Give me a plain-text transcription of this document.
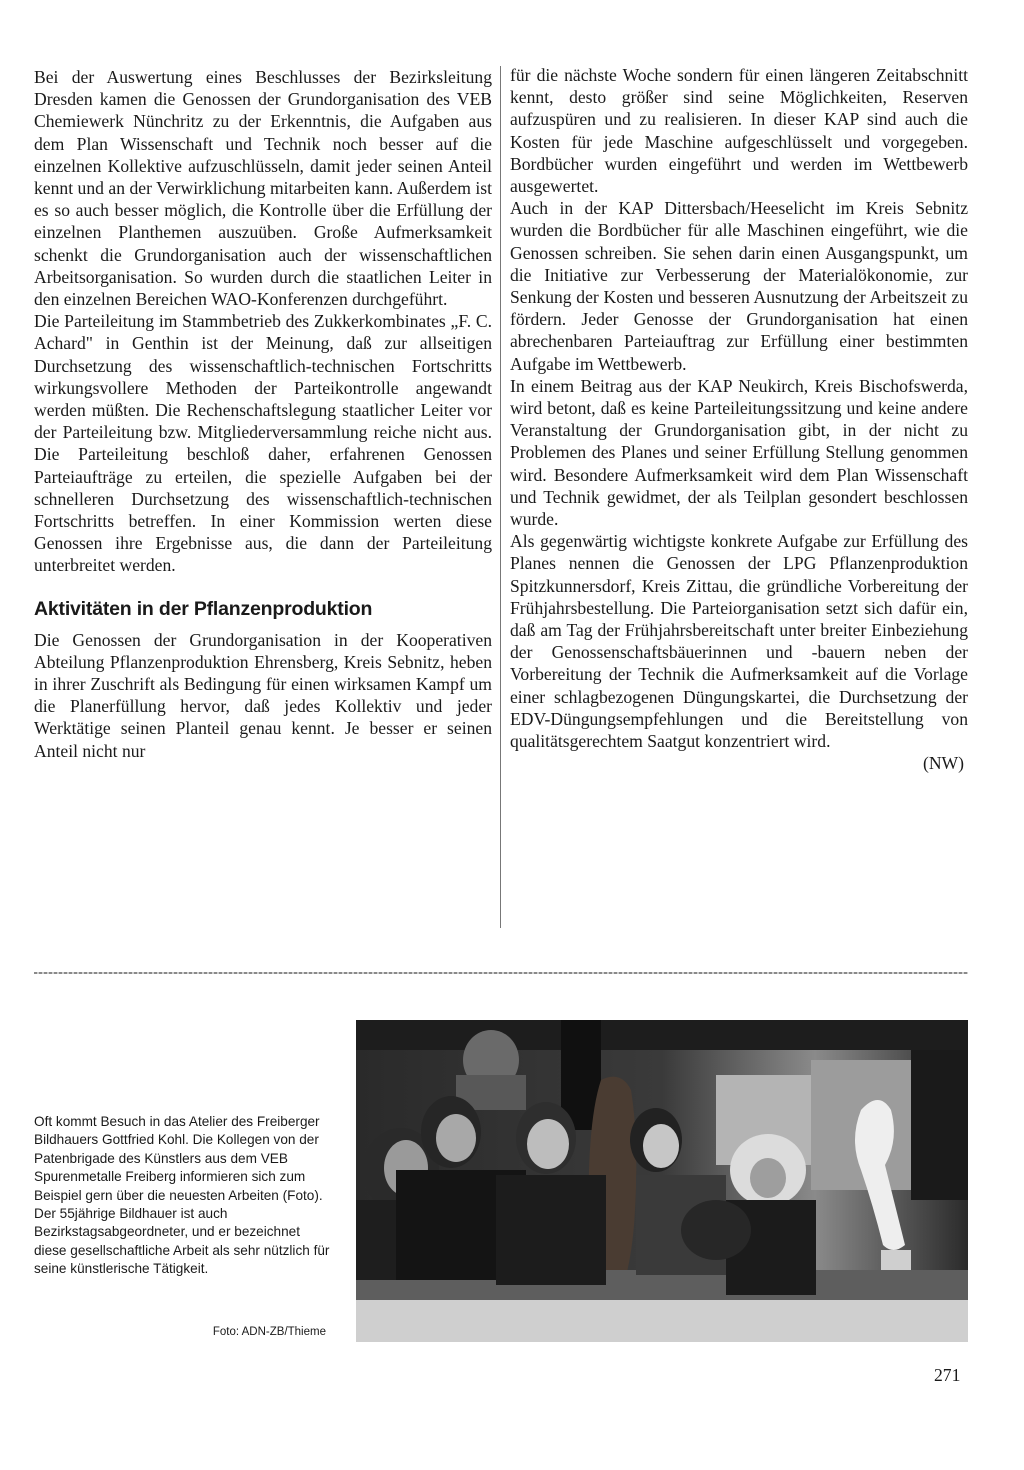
Bei der Auswertung eines Beschlusses der Bezirksleitung Dresden kamen die Genossen der Grundorganisation des VEB Chemiewerk Nünchritz zu der Erkenntnis, die Aufgaben aus dem Plan Wissenschaft und Technik noch besser auf die einzelnen Kollektive aufzuschlüsseln, damit jeder seinen Anteil kennt und an der Verwirklichung mitarbeiten kann. Außerdem ist es so auch besser möglich, die Kontrolle über die Erfüllung der einzelnen Planthemen auszuüben. Große Aufmerksamkeit schenkt die Grundorganisation auch der wissenschaftlichen Arbeitsorganisation. So wurden durch die staatlichen Leiter in den einzelnen Bereichen WAO-Konferenzen durchgeführt.

Die Parteileitung im Stammbetrieb des Zukkerkombinates „F. C. Achard" in Genthin ist der Meinung, daß zur allseitigen Durchsetzung des wissenschaftlich-technischen Fortschritts wirkungsvollere Methoden der Parteikontrolle angewandt werden müßten. Die Rechenschaftslegung staatlicher Leiter vor der Parteileitung bzw. Mitgliederversammlung reiche nicht aus. Die Parteileitung beschloß daher, erfahrenen Genossen Parteiaufträge zu erteilen, die spezielle Aufgaben bei der schnelleren Durchsetzung des wissenschaftlich-technischen Fortschritts betreffen. In einer Kommission werten diese Genossen ihre Ergebnisse aus, die dann der Parteileitung unterbreitet werden.

Aktivitäten in der Pflanzenproduktion

Die Genossen der Grundorganisation in der Kooperativen Abteilung Pflanzenproduktion Ehrensberg, Kreis Sebnitz, heben in ihrer Zuschrift als Bedingung für einen wirksamen Kampf um die Planerfüllung hervor, daß jedes Kollektiv und jeder Werktätige seinen Planteil genau kennt. Je besser er seinen Anteil nicht nur

für die nächste Woche sondern für einen längeren Zeitabschnitt kennt, desto größer sind seine Möglichkeiten, Reserven aufzuspüren und zu realisieren. In dieser KAP sind auch die Kosten für jede Maschine aufgeschlüsselt und vorgegeben. Bordbücher wurden eingeführt und werden im Wettbewerb ausgewertet.

Auch in der KAP Dittersbach/Heeselicht im Kreis Sebnitz wurden die Bordbücher für alle Maschinen eingeführt, wie die Genossen schreiben. Sie sehen darin einen Ausgangspunkt, um die Initiative zur Verbesserung der Materialökonomie, zur Senkung der Kosten und besseren Ausnutzung der Arbeitszeit zu fördern. Jeder Genosse der Grundorganisation hat einen abrechenbaren Parteiauftrag zur Erfüllung einer bestimmten Aufgabe im Wettbewerb.

In einem Beitrag aus der KAP Neukirch, Kreis Bischofswerda, wird betont, daß es keine Parteileitungssitzung und keine andere Veranstaltung der Grundorganisation gibt, in der nicht zu Problemen des Planes und seiner Erfüllung Stellung genommen wird. Besondere Aufmerksamkeit wird dem Plan Wissenschaft und Technik gewidmet, der als Teilplan gesondert beschlossen wurde.

Als gegenwärtig wichtigste konkrete Aufgabe zur Erfüllung des Planes nennen die Genossen der LPG Pflanzenproduktion Spitzkunnersdorf, Kreis Zittau, die gründliche Vorbereitung der Frühjahrsbestellung. Die Parteiorganisation setzt sich dafür ein, daß am Tag der Frühjahrsbereitschaft unter breiter Einbeziehung der Genossenschaftsbäuerinnen und -bauern neben der Vorbereitung der Technik die Aufmerksamkeit auf die Vorlage einer schlagbezogenen Düngungskartei, die Durchsetzung der EDV-Düngungsempfehlungen und die Bereitstellung von qualitätsgerechtem Saatgut konzentriert wird.

(NW)

Oft kommt Besuch in das Atelier des Freiberger Bildhauers Gottfried Kohl. Die Kollegen von der Patenbrigade des Künstlers aus dem VEB Spurenmetalle Freiberg informieren sich zum Beispiel gern über die neuesten Arbeiten (Foto). Der 55jährige Bildhauer ist auch Bezirkstagsabgeordneter, und er bezeichnet diese gesellschaftliche Arbeit als sehr nützlich für seine künstlerische Tätigkeit.

Foto: ADN-ZB/Thieme
271
